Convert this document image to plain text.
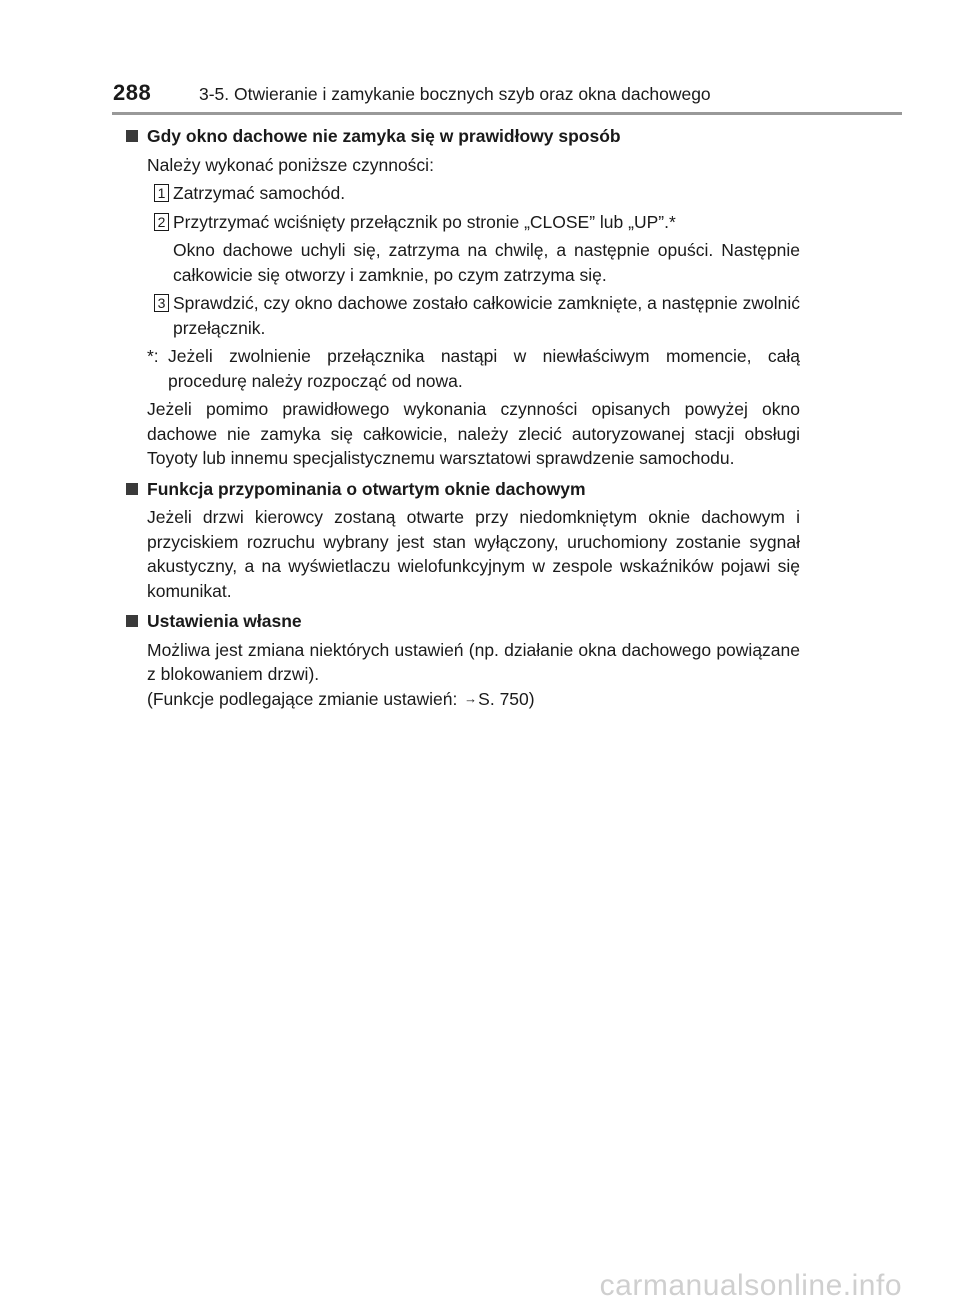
288	3-5. Otwieranie i zamykanie bocznych szyb oraz okna dachowego
Gdy okno dachowe nie zamyka się w prawidłowy sposób
Należy wykonać poniższe czynności:
1 Zatrzymać samochód.
2 Przytrzymać wciśnięty przełącznik po stronie „CLOSE” lub „UP”.*
Okno dachowe uchyli się, zatrzyma na chwilę, a następnie opuści. Następnie całkowicie się otworzy i zamknie, po czym zatrzyma się.
3 Sprawdzić, czy okno dachowe zostało całkowicie zamknięte, a następnie zwolnić przełącznik.
*: Jeżeli zwolnienie przełącznika nastąpi w niewłaściwym momencie, całą procedurę należy rozpocząć od nowa.
Jeżeli pomimo prawidłowego wykonania czynności opisanych powyżej okno dachowe nie zamyka się całkowicie, należy zlecić autoryzowanej stacji obsługi Toyoty lub innemu specjalistycznemu warsztatowi sprawdzenie samochodu.
Funkcja przypominania o otwartym oknie dachowym
Jeżeli drzwi kierowcy zostaną otwarte przy niedomkniętym oknie dachowym i przyciskiem rozruchu wybrany jest stan wyłączony, uruchomiony zostanie sygnał akustyczny, a na wyświetlaczu wielofunkcyjnym w zespole wskaźników pojawi się komunikat.
Ustawienia własne
Możliwa jest zmiana niektórych ustawień (np. działanie okna dachowego powiązane z blokowaniem drzwi).
(Funkcje podlegające zmianie ustawień: →S. 750)
carmanualsonline.info
